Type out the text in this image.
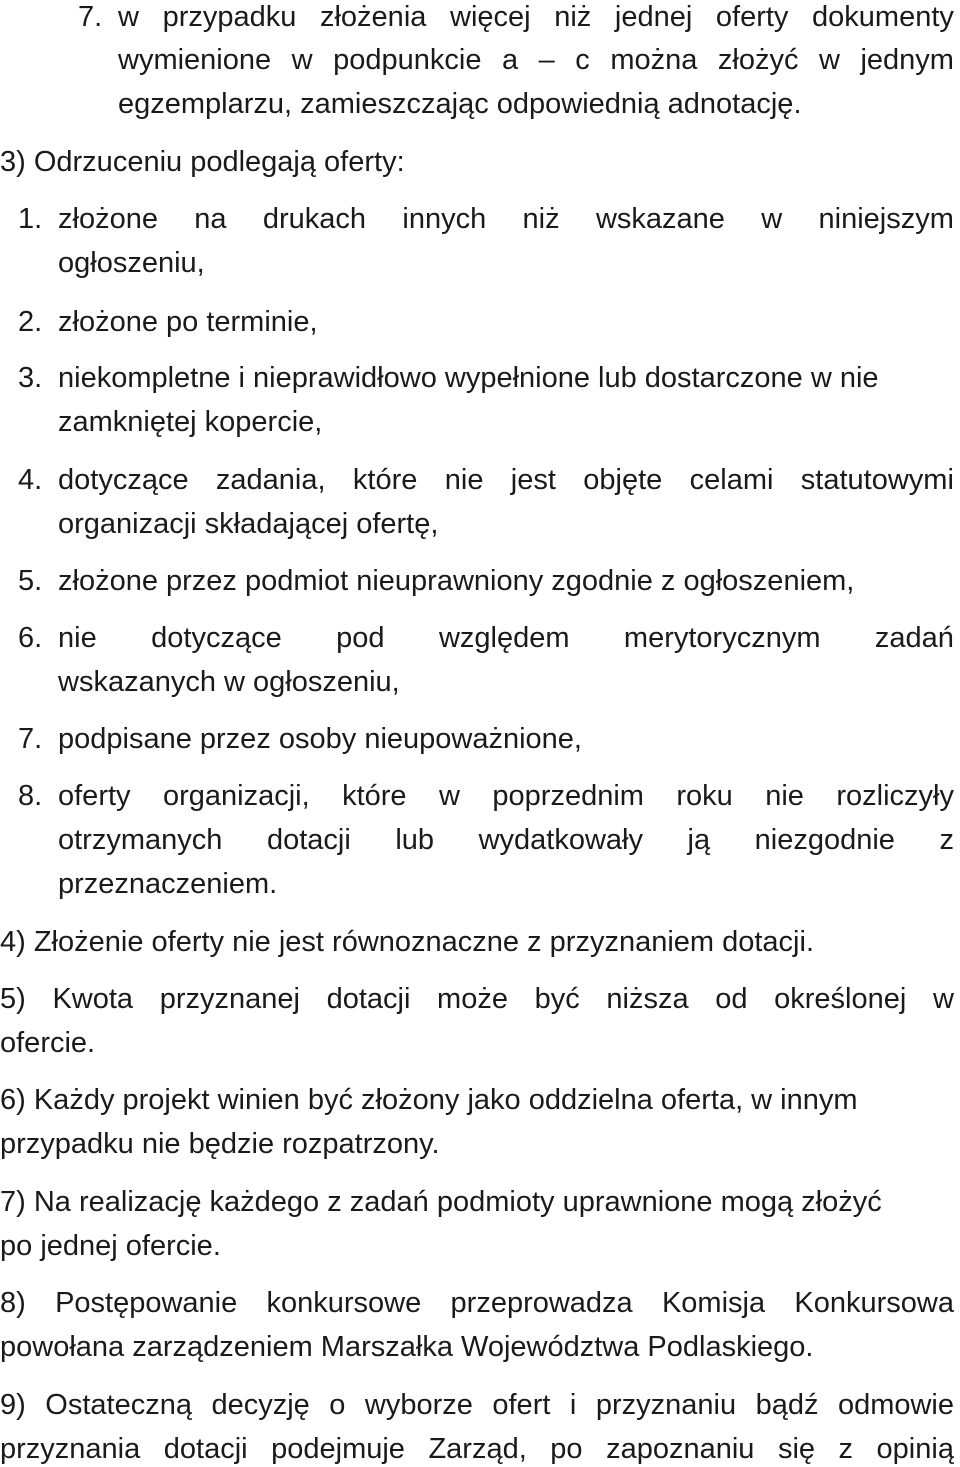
7. w przypadku złożenia więcej niż jednej oferty dokumenty
wymienione w podpunkcie a – c można złożyć w jednym
egzemplarzu, zamieszczając odpowiednią adnotację.
3) Odrzuceniu podlegają oferty:
1. złożone na drukach innych niż wskazane w niniejszym
ogłoszeniu,
2. złożone po terminie,
3. niekompletne i nieprawidłowo wypełnione lub dostarczone w nie
zamkniętej kopercie,
4. dotyczące zadania, które nie jest objęte celami statutowymi
organizacji składającej ofertę,
5. złożone przez podmiot nieuprawniony zgodnie z ogłoszeniem,
6. nie dotyczące pod względem merytorycznym zadań
wskazanych w ogłoszeniu,
7. podpisane przez osoby nieupoważnione,
8. oferty organizacji, które w poprzednim roku nie rozliczyły
otrzymanych dotacji lub wydatkowały ją niezgodnie z
przeznaczeniem.
4) Złożenie oferty nie jest równoznaczne z przyznaniem dotacji.
5) Kwota przyznanej dotacji może być niższa od określonej w
ofercie.
6) Każdy projekt winien być złożony jako oddzielna oferta, w innym
przypadku nie będzie rozpatrzony.
7) Na realizację każdego z zadań podmioty uprawnione mogą złożyć
po jednej ofercie.
8) Postępowanie konkursowe przeprowadza Komisja Konkursowa
powołana zarządzeniem Marszałka Województwa Podlaskiego.
9) Ostateczną decyzję o wyborze ofert i przyznaniu bądź odmowie
przyznania dotacji podejmuje Zarząd, po zapoznaniu się z opinią
